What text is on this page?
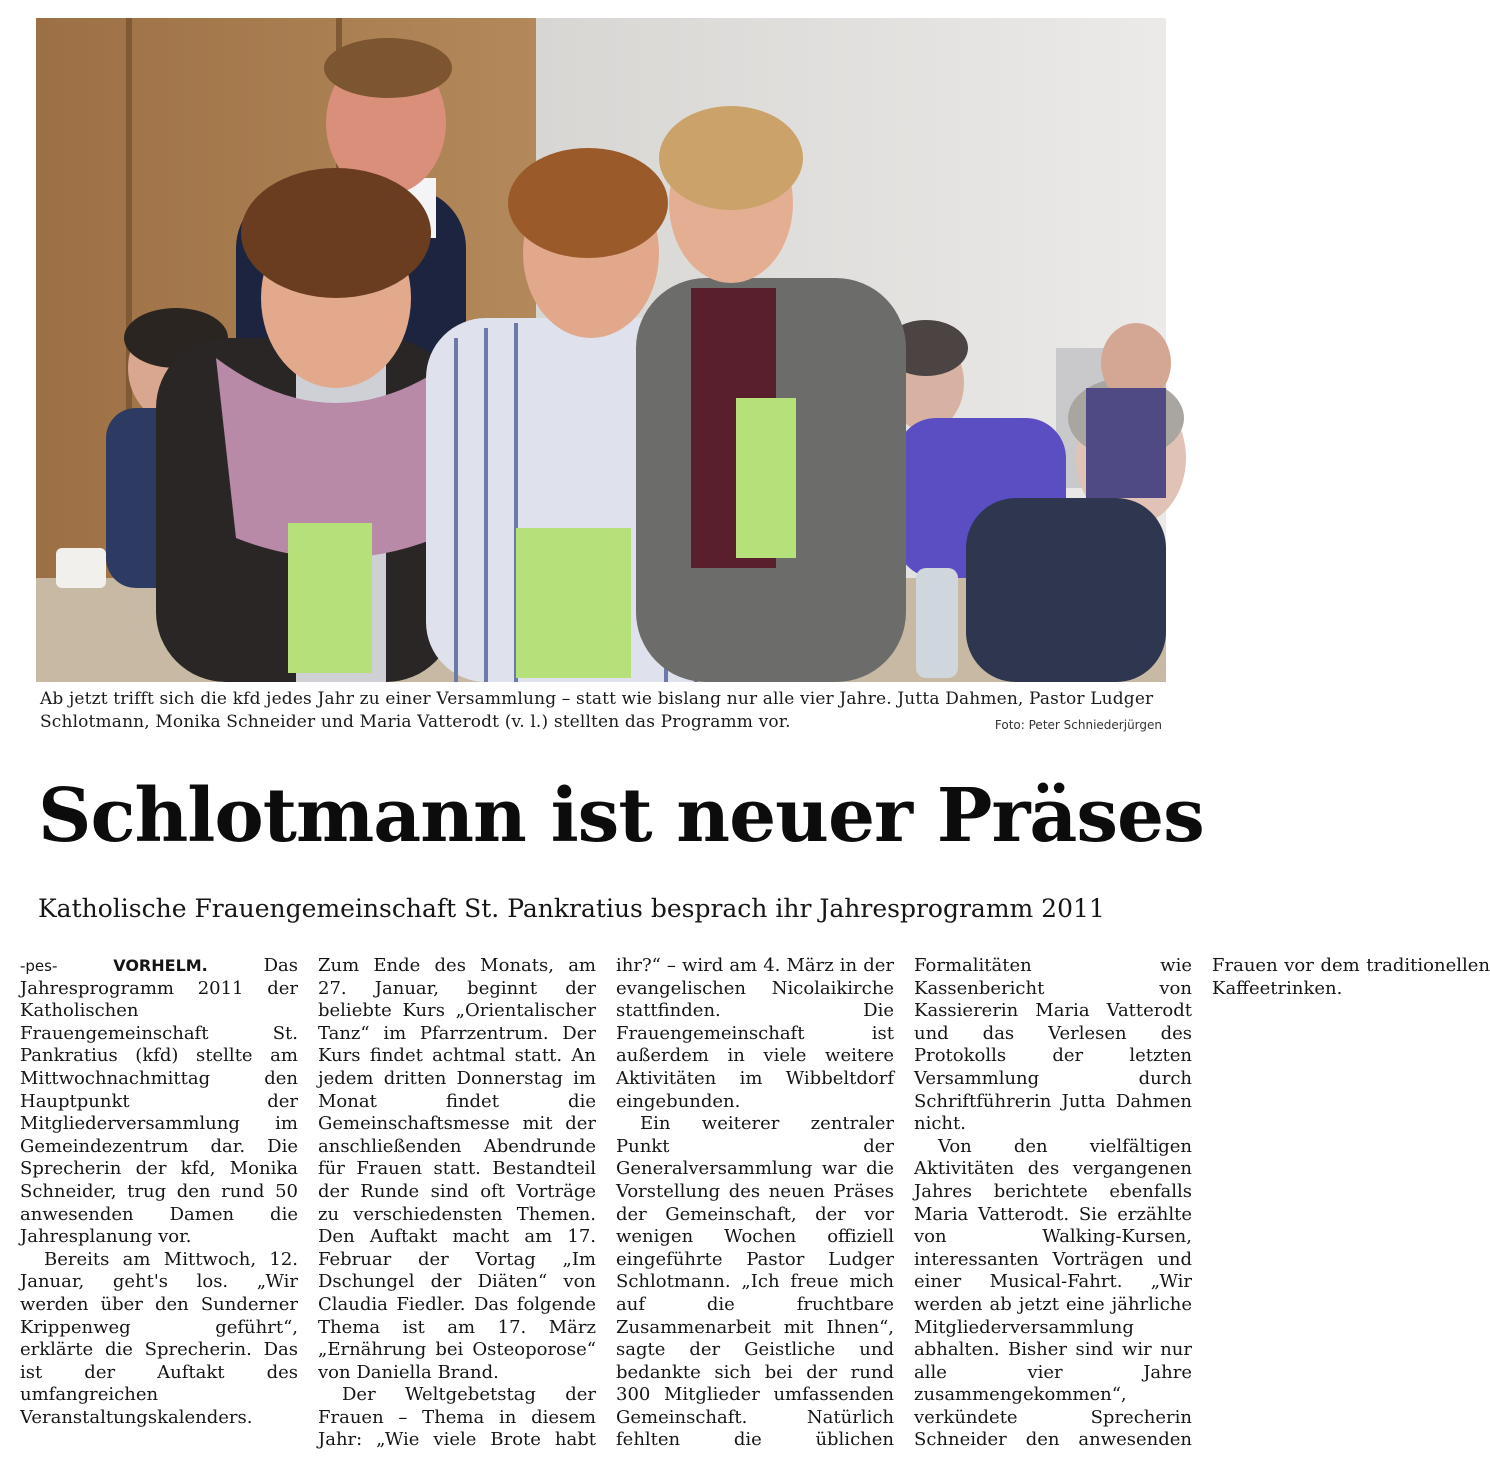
Ab jetzt trifft sich die kfd jedes Jahr zu einer Versammlung – statt wie bislang nur alle vier Jahre. Jutta Dahmen, Pastor Ludger Schlotmann, Monika Schneider und Maria Vatterodt (v. l.) stellten das Programm vor.	Foto: Peter Schniederjürgen
Schlotmann ist neuer Präses
Katholische Frauengemeinschaft St. Pankratius besprach ihr Jahresprogramm 2011

-pes-	VORHELM.	Das Jahresprogramm 2011 der Katholischen Frauengemeinschaft St. Pankratius (kfd) stellte am Mittwochnachmittag den Hauptpunkt der Mitgliederversammlung im Gemeindezentrum dar. Die Sprecherin der kfd, Monika Schneider, trug den rund 50 anwesenden Damen die Jahresplanung vor.

Bereits am Mittwoch, 12. Januar, geht's los. „Wir werden über den Sunderner Krippenweg geführt“, erklärte die Sprecherin. Das ist der Auftakt des umfangreichen Veranstaltungskalenders.

Zum Ende des Monats, am 27. Januar, beginnt der beliebte Kurs „Orientalischer Tanz“ im Pfarrzentrum. Der Kurs findet achtmal statt. An jedem dritten Donnerstag im Monat findet die Gemeinschaftsmesse mit der anschließenden Abendrunde für Frauen statt. Bestandteil der Runde sind oft Vorträge zu verschiedensten Themen. Den Auftakt macht am 17. Februar der Vortag „Im Dschungel der Diäten“ von Claudia Fiedler. Das folgende Thema ist am 17. März „Ernährung bei Osteoporose“ von Daniella Brand.

Der Weltgebetstag der Frauen – Thema in diesem Jahr: „Wie viele Brote habt ihr?“ – wird am 4. März in der evangelischen Nicolaikirche stattfinden. Die Frauengemeinschaft ist außerdem in viele weitere Aktivitäten im Wibbeltdorf eingebunden.

Ein weiterer zentraler Punkt der Generalversammlung war die Vorstellung des neuen Präses der Gemeinschaft, der vor wenigen Wochen offiziell eingeführte Pastor Ludger Schlotmann. „Ich freue mich auf die fruchtbare Zusammenarbeit mit Ihnen“, sagte der Geistliche und bedankte sich bei der rund 300 Mitglieder umfassenden Gemeinschaft. Natürlich fehlten die üblichen Formalitäten wie Kassenbericht von Kassiererin Maria Vatterodt und das Verlesen des Protokolls der letzten Versammlung durch Schriftführerin Jutta Dahmen nicht.

Von den vielfältigen Aktivitäten des vergangenen Jahres berichtete ebenfalls Maria Vatterodt. Sie erzählte von Walking-Kursen, interessanten Vorträgen und einer Musical-Fahrt. „Wir werden ab jetzt eine jährliche Mitgliederversammlung abhalten. Bisher sind wir nur alle vier Jahre zusammengekommen“, verkündete Sprecherin Schneider den anwesenden Frauen vor dem traditionellen Kaffeetrinken.
